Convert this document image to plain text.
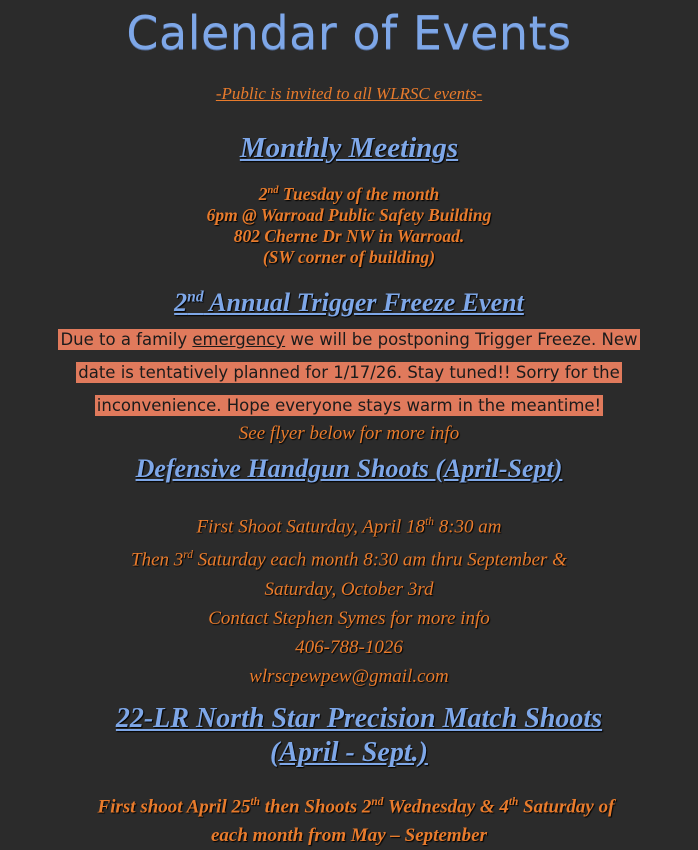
Calendar of Events
-Public is invited to all WLRSC events-
Monthly Meetings
2nd Tuesday of the month
6pm @ Warroad Public Safety Building
802 Cherne Dr NW in Warroad.
(SW corner of building)
2nd Annual Trigger Freeze Event
Due to a family emergency we will be postponing Trigger Freeze. New
date is tentatively planned for 1/17/26. Stay tuned!! Sorry for the
inconvenience. Hope everyone stays warm in the meantime!
See flyer below for more info
Defensive Handgun Shoots (April-Sept)
First Shoot Saturday, April 18th 8:30 am
Then 3rd Saturday each month 8:30 am thru September &
Saturday, October 3rd
Contact Stephen Symes for more info
406-788-1026
wlrscpewpew@gmail.com
22-LR North Star Precision Match Shoots
(April - Sept.)
First shoot April 25th then Shoots 2nd Wednesday & 4th Saturday of
each month from May – September
